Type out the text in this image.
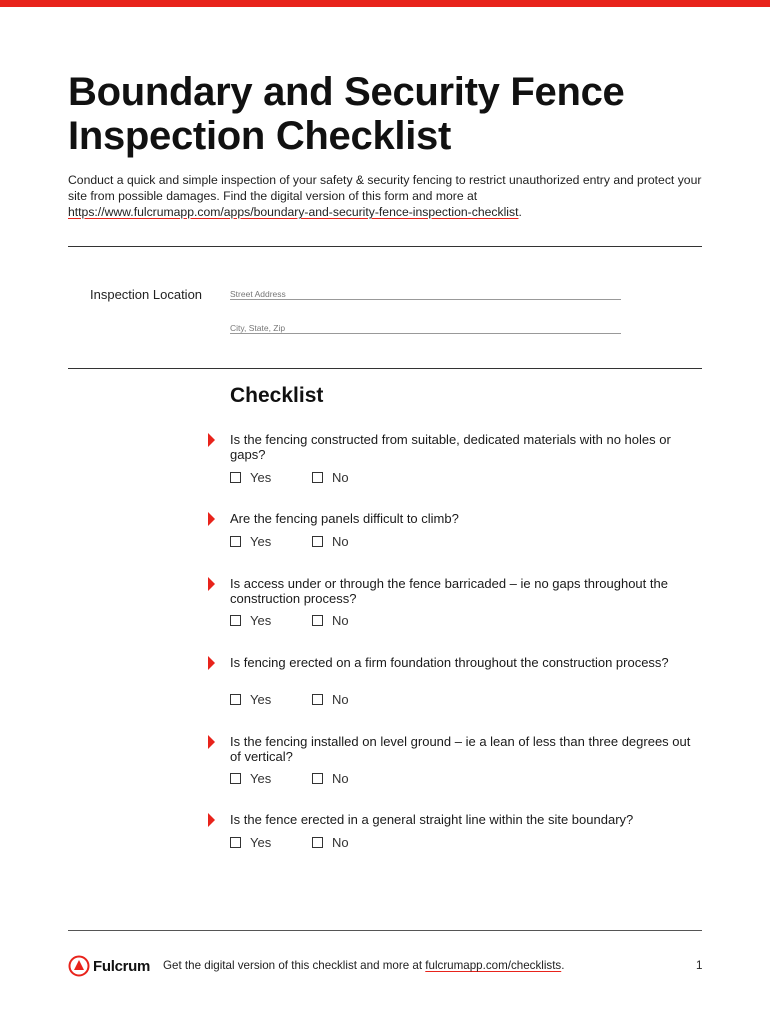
Boundary and Security Fence
Inspection Checklist

Conduct a quick and simple inspection of your safety & security fencing to restrict unauthorized entry and protect your site from possible damages. Find the digital version of this form and more at https://www.fulcrumapp.com/apps/boundary-and-security-fence-inspection-checklist.

Inspection Location	Street Address
City, State, Zip
Checklist
Is the fencing constructed from suitable, dedicated materials with no holes or gaps?
Yes	No
Are the fencing panels difficult to climb?
Yes	No
Is access under or through the fence barricaded – ie no gaps throughout the construction process?
Yes	No
Is fencing erected on a firm foundation throughout the construction process?
Yes	No
Is the fencing installed on level ground – ie a lean of less than three degrees out of vertical?
Yes	No
Is the fence erected in a general straight line within the site boundary?
Yes	No
Fulcrum Get the digital version of this checklist and more at fulcrumapp.com/checklists.	1
